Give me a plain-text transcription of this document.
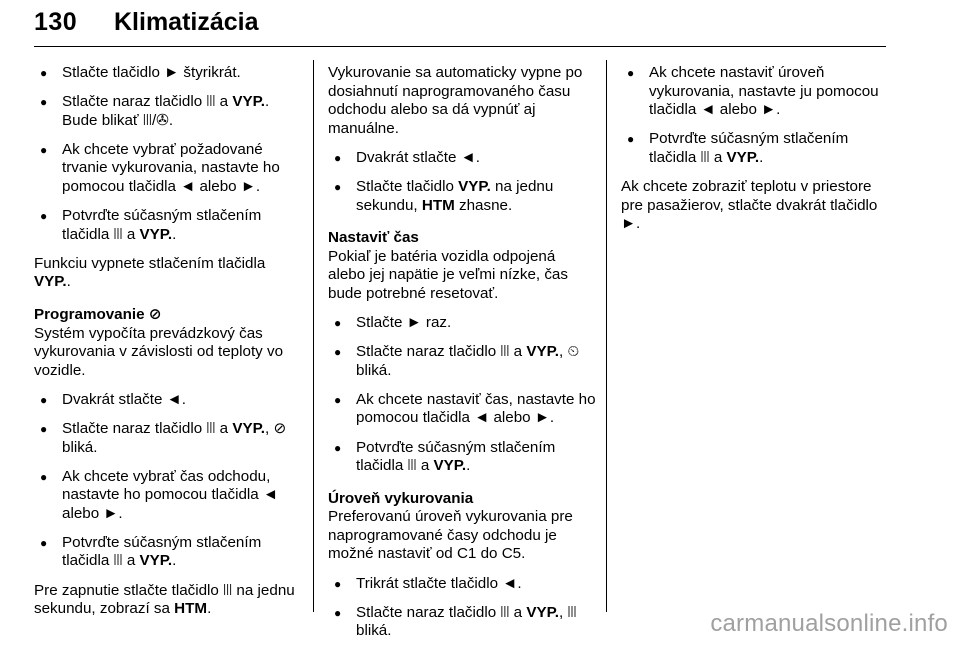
130 Klimatizácia
● Stlačte tlačidlo ► štyrikrát.
● Stlačte naraz tlačidlo ꔖ a VYP.. Bude blikať ꔖ/✇.
● Ak chcete vybrať požadované trvanie vykurovania, nastavte ho pomocou tlačidla ◄ alebo ►.
● Potvrďte súčasným stlačením tlačidla ꔖ a VYP..
Funkciu vypnete stlačením tlačidla VYP..
Programovanie ⊘
Systém vypočíta prevádzkový čas vykurovania v závislosti od teploty vo vozidle.
● Dvakrát stlačte ◄.
● Stlačte naraz tlačidlo ꔖ a VYP., ⊘ bliká.
● Ak chcete vybrať čas odchodu, nastavte ho pomocou tlačidla ◄ alebo ►.
● Potvrďte súčasným stlačením tlačidla ꔖ a VYP..
Pre zapnutie stlačte tlačidlo ꔖ na jednu sekundu, zobrazí sa HTM.
Vykurovanie sa automaticky vypne po dosiahnutí naprogramovaného času odchodu alebo sa dá vypnúť aj manuálne.
● Dvakrát stlačte ◄.
● Stlačte tlačidlo VYP. na jednu sekundu, HTM zhasne.
Nastaviť čas
Pokiaľ je batéria vozidla odpojená alebo jej napätie je veľmi nízke, čas bude potrebné resetovať.
● Stlačte ► raz.
● Stlačte naraz tlačidlo ꔖ a VYP., ⏲ bliká.
● Ak chcete nastaviť čas, nastavte ho pomocou tlačidla ◄ alebo ►.
● Potvrďte súčasným stlačením tlačidla ꔖ a VYP..
Úroveň vykurovania
Preferovanú úroveň vykurovania pre naprogramované časy odchodu je možné nastaviť od C1 do C5.
● Trikrát stlačte tlačidlo ◄.
● Stlačte naraz tlačidlo ꔖ a VYP., ꔖ bliká.
● Ak chcete nastaviť úroveň vykurovania, nastavte ju pomocou tlačidla ◄ alebo ►.
● Potvrďte súčasným stlačením tlačidla ꔖ a VYP..
Ak chcete zobraziť teplotu v priestore pre pasažierov, stlačte dvakrát tlačidlo ►.
carmanualsonline.info
